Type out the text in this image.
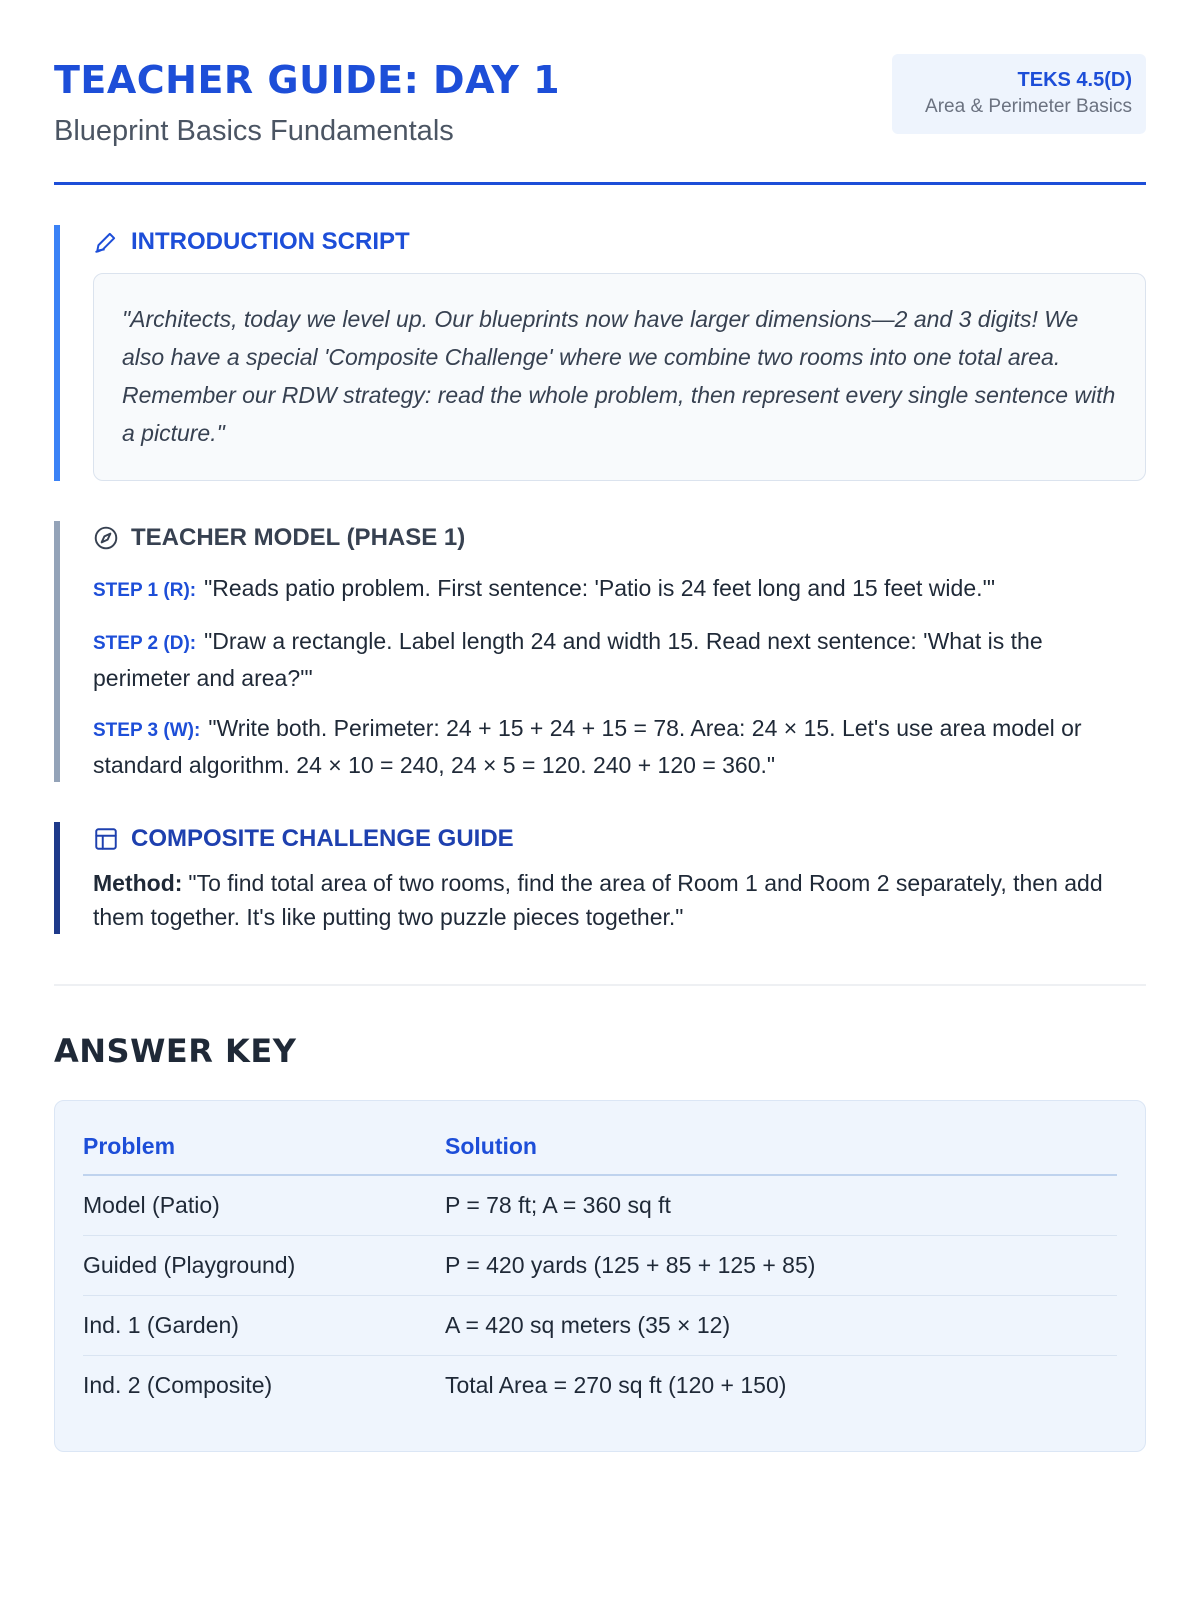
TEACHER GUIDE: DAY 1
Blueprint Basics Fundamentals
TEKS 4.5(D)
Area & Perimeter Basics
INTRODUCTION SCRIPT
"Architects, today we level up. Our blueprints now have larger dimensions—2 and 3 digits! We also have a special 'Composite Challenge' where we combine two rooms into one total area. Remember our RDW strategy: read the whole problem, then represent every single sentence with a picture."
TEACHER MODEL (PHASE 1)
STEP 1 (R): "Reads patio problem. First sentence: 'Patio is 24 feet long and 15 feet wide.'"
STEP 2 (D): "Draw a rectangle. Label length 24 and width 15. Read next sentence: 'What is the perimeter and area?'"
STEP 3 (W): "Write both. Perimeter: 24 + 15 + 24 + 15 = 78. Area: 24 × 15. Let's use area model or standard algorithm. 24 × 10 = 240, 24 × 5 = 120. 240 + 120 = 360."
COMPOSITE CHALLENGE GUIDE
Method: "To find total area of two rooms, find the area of Room 1 and Room 2 separately, then add them together. It's like putting two puzzle pieces together."
ANSWER KEY
Problem	Solution
Model (Patio)	P = 78 ft; A = 360 sq ft
Guided (Playground)	P = 420 yards (125 + 85 + 125 + 85)
Ind. 1 (Garden)	A = 420 sq meters (35 × 12)
Ind. 2 (Composite)	Total Area = 270 sq ft (120 + 150)
